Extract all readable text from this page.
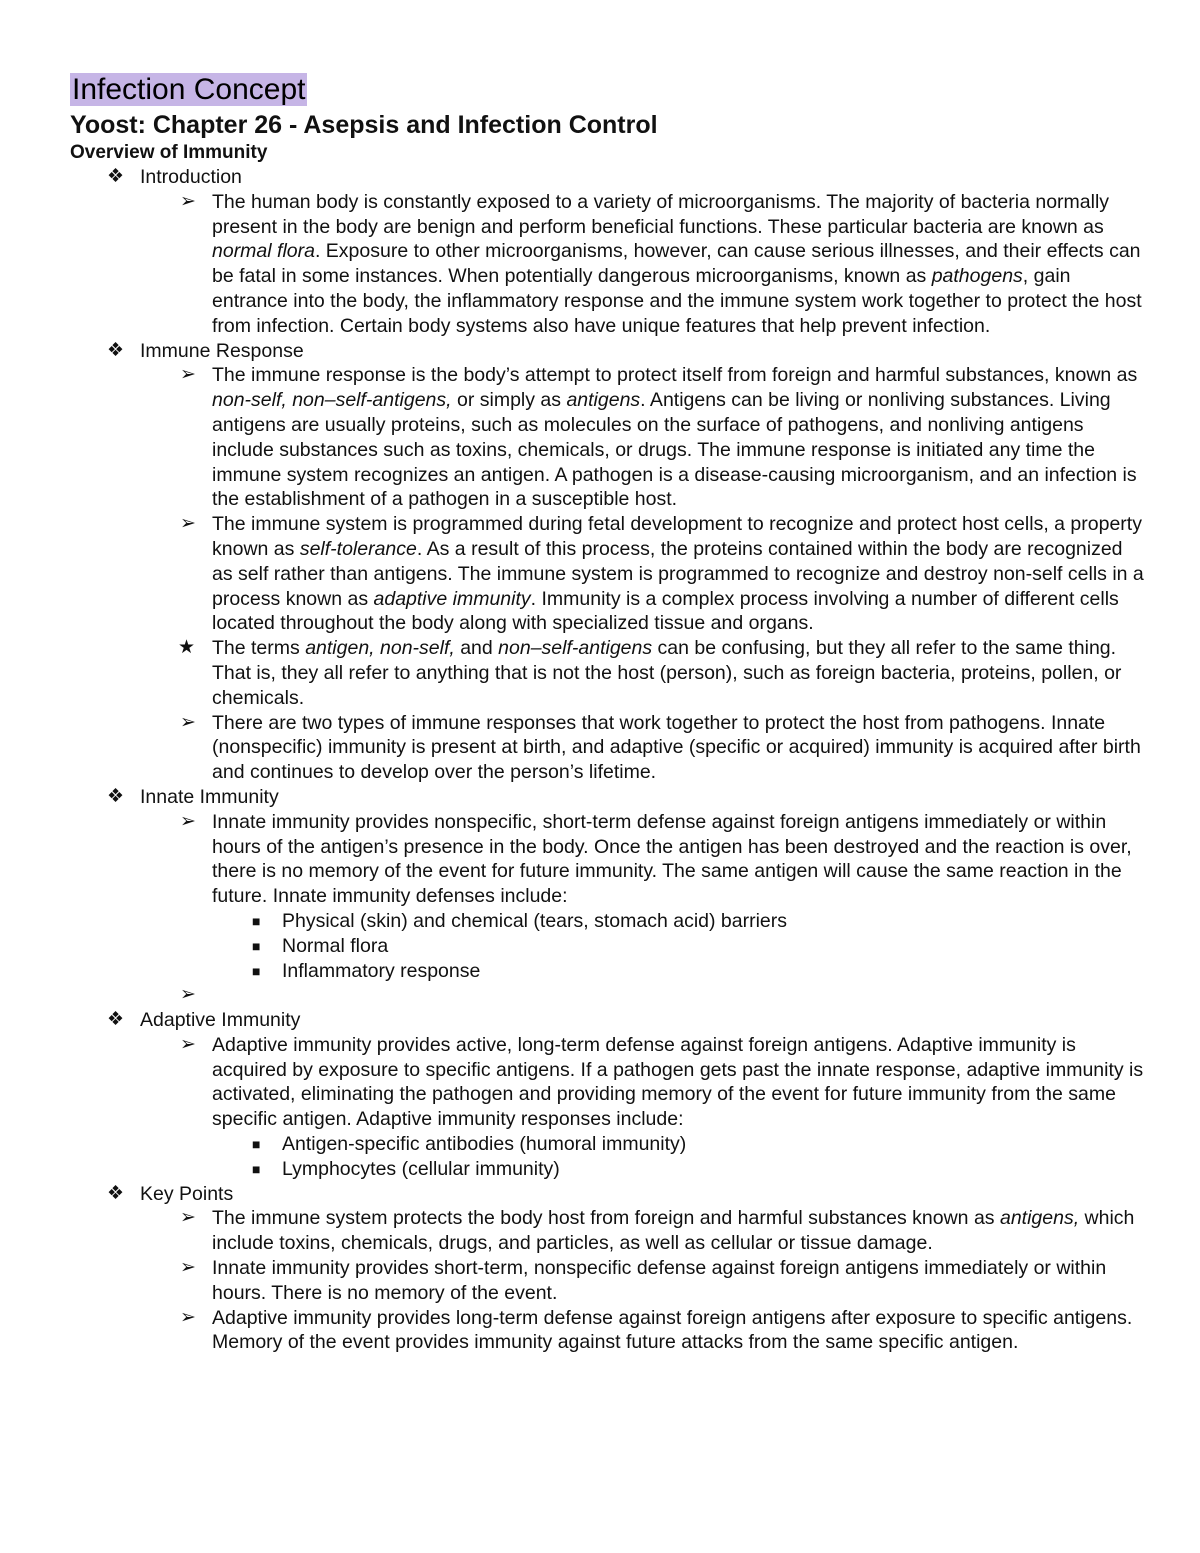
Infection Concept
Yoost: Chapter 26 - Asepsis and Infection Control
Overview of Immunity
❖ Introduction
➢ The human body is constantly exposed to a variety of microorganisms. The majority of bacteria normally present in the body are benign and perform beneficial functions. These particular bacteria are known as normal flora. Exposure to other microorganisms, however, can cause serious illnesses, and their effects can be fatal in some instances. When potentially dangerous microorganisms, known as pathogens, gain entrance into the body, the inflammatory response and the immune system work together to protect the host from infection. Certain body systems also have unique features that help prevent infection.
❖ Immune Response
➢ The immune response is the body’s attempt to protect itself from foreign and harmful substances, known as non-self, non–self-antigens, or simply as antigens. Antigens can be living or nonliving substances. Living antigens are usually proteins, such as molecules on the surface of pathogens, and nonliving antigens include substances such as toxins, chemicals, or drugs. The immune response is initiated any time the immune system recognizes an antigen. A pathogen is a disease-causing microorganism, and an infection is the establishment of a pathogen in a susceptible host.
➢ The immune system is programmed during fetal development to recognize and protect host cells, a property known as self-tolerance. As a result of this process, the proteins contained within the body are recognized as self rather than antigens. The immune system is programmed to recognize and destroy non-self cells in a process known as adaptive immunity. Immunity is a complex process involving a number of different cells located throughout the body along with specialized tissue and organs.
★ The terms antigen, non-self, and non–self-antigens can be confusing, but they all refer to the same thing. That is, they all refer to anything that is not the host (person), such as foreign bacteria, proteins, pollen, or chemicals.
➢ There are two types of immune responses that work together to protect the host from pathogens. Innate (nonspecific) immunity is present at birth, and adaptive (specific or acquired) immunity is acquired after birth and continues to develop over the person’s lifetime.
❖ Innate Immunity
➢ Innate immunity provides nonspecific, short-term defense against foreign antigens immediately or within hours of the antigen’s presence in the body. Once the antigen has been destroyed and the reaction is over, there is no memory of the event for future immunity. The same antigen will cause the same reaction in the future. Innate immunity defenses include:
■ Physical (skin) and chemical (tears, stomach acid) barriers
■ Normal flora
■ Inflammatory response
➢
❖ Adaptive Immunity
➢ Adaptive immunity provides active, long-term defense against foreign antigens. Adaptive immunity is acquired by exposure to specific antigens. If a pathogen gets past the innate response, adaptive immunity is activated, eliminating the pathogen and providing memory of the event for future immunity from the same specific antigen. Adaptive immunity responses include:
■ Antigen-specific antibodies (humoral immunity)
■ Lymphocytes (cellular immunity)
❖ Key Points
➢ The immune system protects the body host from foreign and harmful substances known as antigens, which include toxins, chemicals, drugs, and particles, as well as cellular or tissue damage.
➢ Innate immunity provides short-term, nonspecific defense against foreign antigens immediately or within hours. There is no memory of the event.
➢ Adaptive immunity provides long-term defense against foreign antigens after exposure to specific antigens. Memory of the event provides immunity against future attacks from the same specific antigen.
